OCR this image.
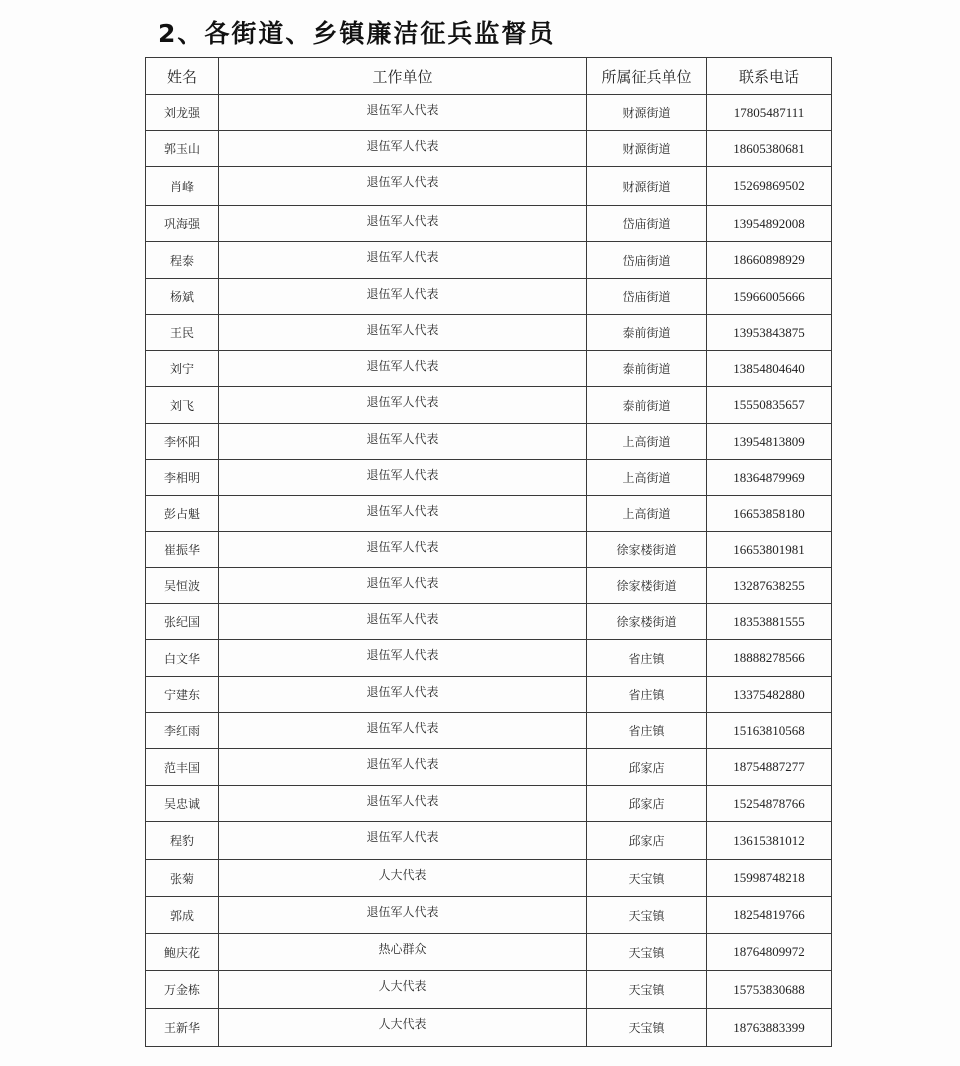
2、各街道、乡镇廉洁征兵监督员
姓名	工作单位	所属征兵单位	联系电话
刘龙强	退伍军人代表	财源街道	17805487111
郭玉山	退伍军人代表	财源街道	18605380681
肖峰	退伍军人代表	财源街道	15269869502
巩海强	退伍军人代表	岱庙街道	13954892008
程泰	退伍军人代表	岱庙街道	18660898929
杨斌	退伍军人代表	岱庙街道	15966005666
王民	退伍军人代表	泰前街道	13953843875
刘宁	退伍军人代表	泰前街道	13854804640
刘飞	退伍军人代表	泰前街道	15550835657
李怀阳	退伍军人代表	上高街道	13954813809
李相明	退伍军人代表	上高街道	18364879969
彭占魁	退伍军人代表	上高街道	16653858180
崔振华	退伍军人代表	徐家楼街道	16653801981
吴恒波	退伍军人代表	徐家楼街道	13287638255
张纪国	退伍军人代表	徐家楼街道	18353881555
白文华	退伍军人代表	省庄镇	18888278566
宁建东	退伍军人代表	省庄镇	13375482880
李红雨	退伍军人代表	省庄镇	15163810568
范丰国	退伍军人代表	邱家店	18754887277
吴忠诚	退伍军人代表	邱家店	15254878766
程豹	退伍军人代表	邱家店	13615381012
张菊	人大代表	天宝镇	15998748218
郭成	退伍军人代表	天宝镇	18254819766
鲍庆花	热心群众	天宝镇	18764809972
万金栋	人大代表	天宝镇	15753830688
王新华	人大代表	天宝镇	18763883399
